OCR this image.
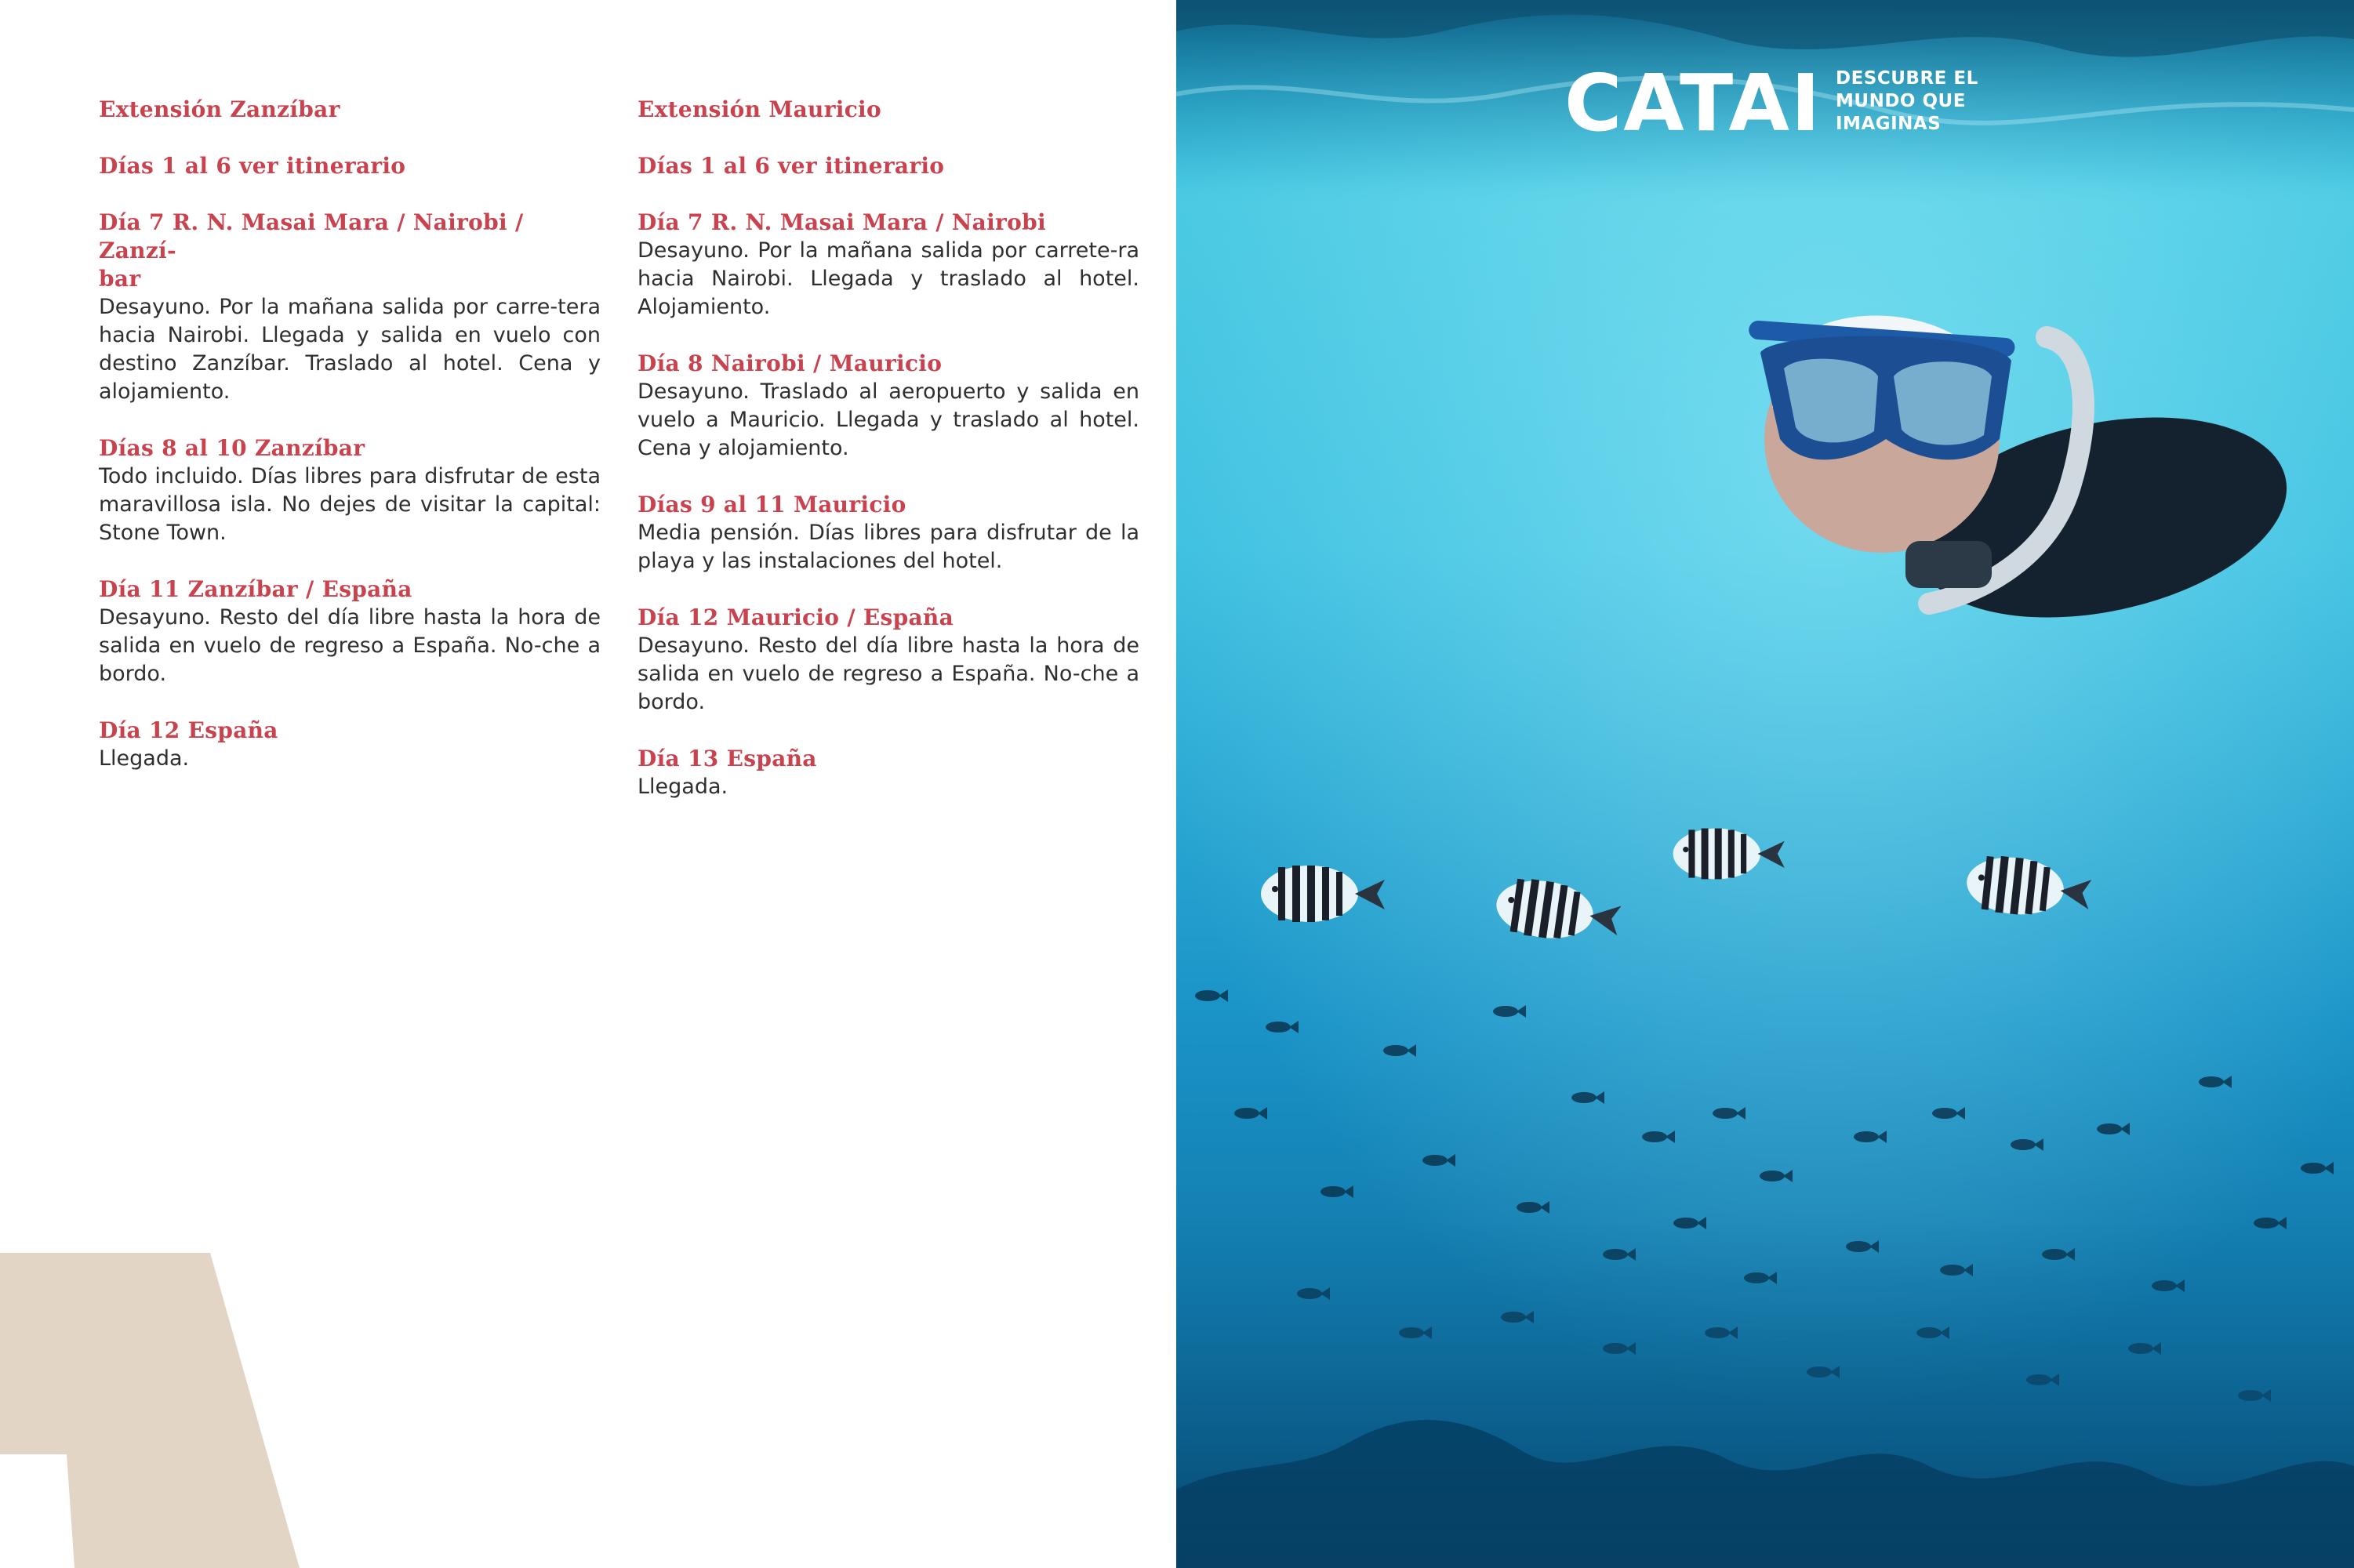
Extensión Zanzíbar
Días 1 al 6 ver itinerario
Día 7 R. N. Masai Mara / Nairobi / Zanzí-
bar

Desayuno. Por la mañana salida por carre-tera hacia Nairobi. Llegada y salida en vuelo con destino Zanzíbar. Traslado al hotel. Cena y alojamiento.

Días 8 al 10 Zanzíbar

Todo incluido. Días libres para disfrutar de esta maravillosa isla. No dejes de visitar la capital: Stone Town.

Día 11 Zanzíbar / España

Desayuno. Resto del día libre hasta la hora de salida en vuelo de regreso a España. No-che a bordo.

Día 12 España

Llegada.

Extensión Mauricio
Días 1 al 6 ver itinerario
Día 7 R. N. Masai Mara / Nairobi

Desayuno. Por la mañana salida por carrete-ra hacia Nairobi. Llegada y traslado al hotel. Alojamiento.

Día 8 Nairobi / Mauricio

Desayuno. Traslado al aeropuerto y salida en vuelo a Mauricio. Llegada y traslado al hotel. Cena y alojamiento.

Días 9 al 11 Mauricio

Media pensión. Días libres para disfrutar de la playa y las instalaciones del hotel.

Día 12 Mauricio / España

Desayuno. Resto del día libre hasta la hora de salida en vuelo de regreso a España. No-che a bordo.

Día 13 España

Llegada.

CATAI DESCUBRE EL
MUNDO QUE
IMAGINAS
